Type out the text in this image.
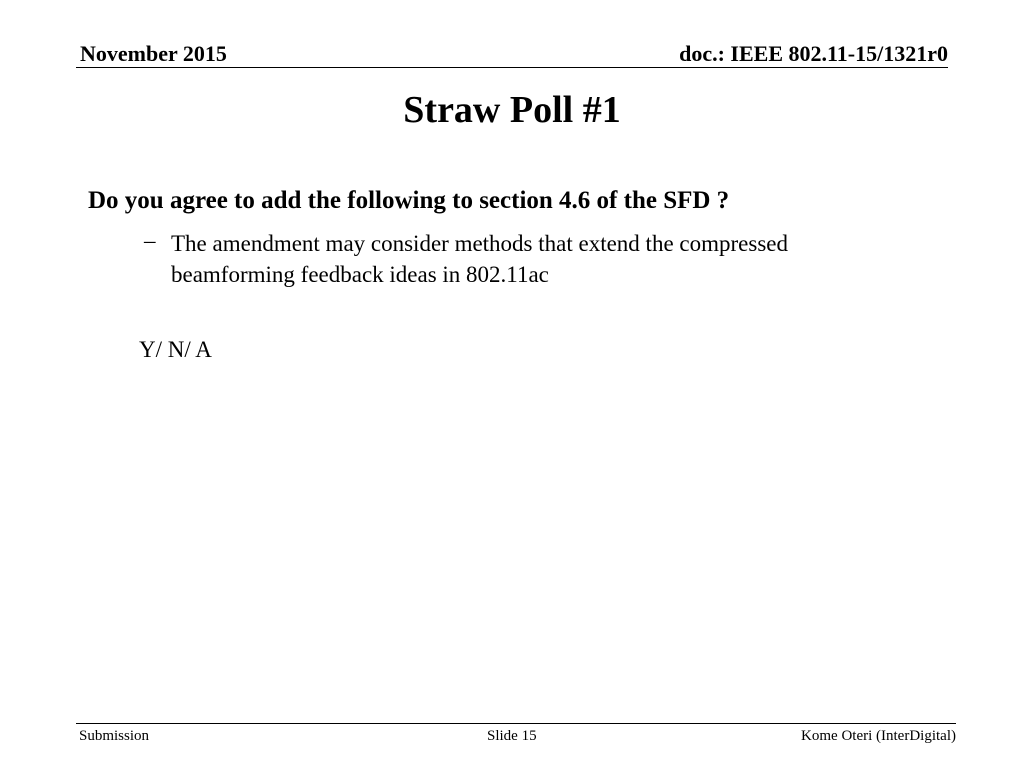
November 2015	doc.: IEEE 802.11-15/1321r0
Straw Poll #1
Do you agree to add the following to section 4.6 of the SFD ?
– The amendment may consider methods that extend the compressed
beamforming feedback ideas in 802.11ac
Y/ N/ A
Submission	Slide 15	Kome Oteri (InterDigital)
